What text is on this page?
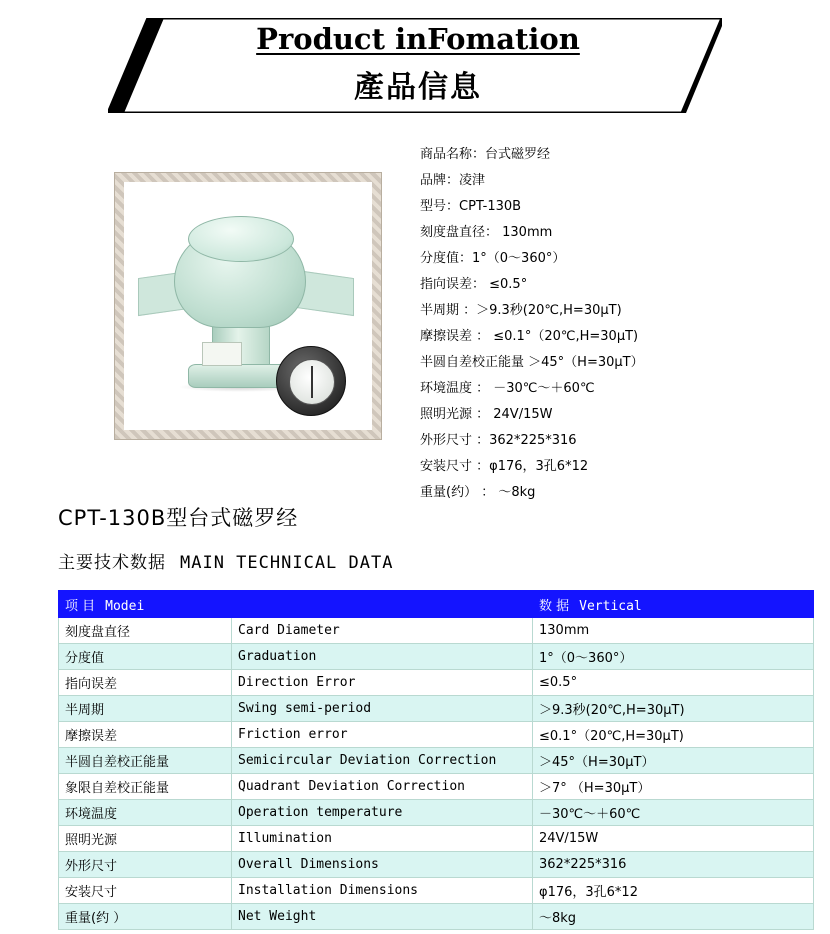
Product inFomation
產品信息
商品名称：台式磁罗经
品牌：凌津
型号：CPT-130B
刻度盘直径： 130mm
分度值：1°（0～360°）
指向误差： ≤0.5°
半周期 ：＞9.3秒(20℃,H=30μT)
摩擦误差 ： ≤0.1°（20℃,H=30μT)
半圆自差校正能量 ＞45°（H=30μT）
环境温度 ： －30℃～＋60℃
照明光源 ： 24V/15W
外形尺寸 ：362*225*316
安装尺寸 ：φ176，3孔6*12
重量(约） ： ～8kg
CPT-130B型台式磁罗经
主要技术数据 MAIN TECHNICAL DATA
项 目 Modei		数 据 Vertical
刻度盘直径	Card Diameter	130mm
分度值	Graduation	1°（0～360°）
指向误差	Direction Error	≤0.5°
半周期	Swing semi-period	＞9.3秒(20℃,H=30μT)
摩擦误差	Friction error	≤0.1°（20℃,H=30μT)
半圆自差校正能量	Semicircular Deviation Correction	＞45°（H=30μT）
象限自差校正能量	Quadrant Deviation Correction	＞7° （H=30μT）
环境温度	Operation temperature	－30℃～＋60℃
照明光源	Illumination	24V/15W
外形尺寸	Overall Dimensions	362*225*316
安装尺寸	Installation Dimensions	φ176，3孔6*12
重量(约 ）	Net Weight	～8kg
